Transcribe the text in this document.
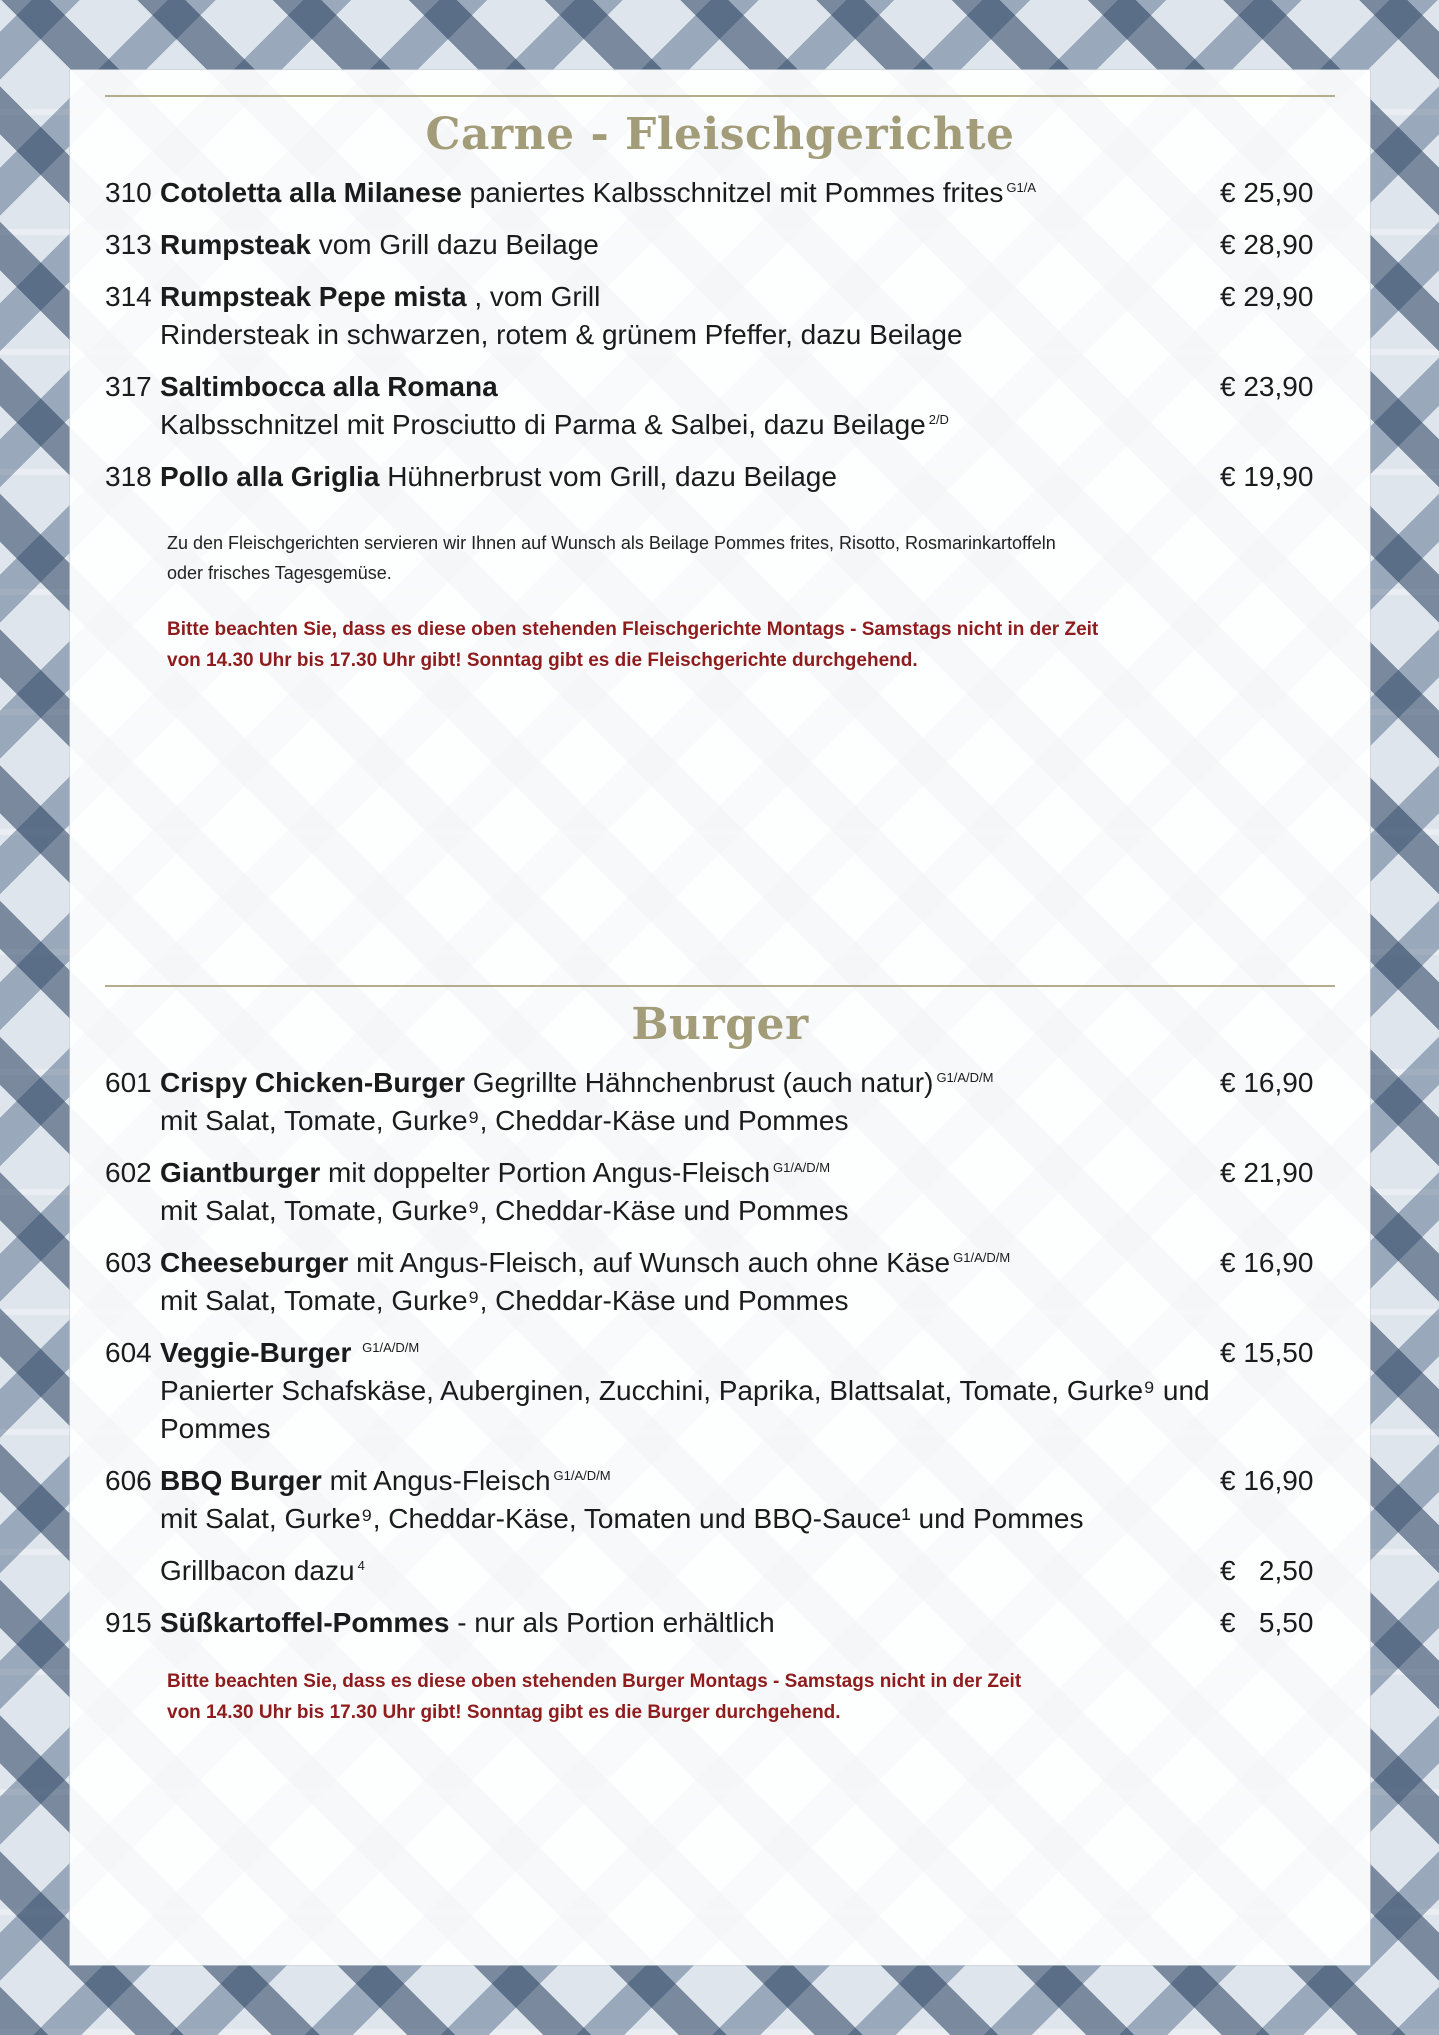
Carne - Fleischgerichte
310 Cotoletta alla Milanese paniertes Kalbsschnitzel mit Pommes frites $^{G1/A}$	€ 25,90
313 Rumpsteak vom Grill dazu Beilage	€ 28,90
314 Rumpsteak Pepe mista , vom Grill
Rindersteak in schwarzen, rotem & grünem Pfeffer, dazu Beilage
€ 29,90
317 Saltimbocca alla Romana
Kalbsschnitzel mit Prosciutto di Parma & Salbei, dazu Beilage $^{2/D}$
€ 23,90
318 Pollo alla Griglia Hühnerbrust vom Grill, dazu Beilage	€ 19,90
Zu den Fleischgerichten servieren wir Ihnen auf Wunsch als Beilage Pommes frites, Risotto, Rosmarinkartoffeln
oder frisches Tagesgemüse.
Bitte beachten Sie, dass es diese oben stehenden Fleischgerichte Montags - Samstags nicht in der Zeit
von 14.30 Uhr bis 17.30 Uhr gibt! Sonntag gibt es die Fleischgerichte durchgehend.
Burger
601 Crispy Chicken-Burger Gegrillte Hähnchenbrust (auch natur) $^{G1/A/D/M}$
mit Salat, Tomate, Gurke⁹, Cheddar-Käse und Pommes
€ 16,90
602 Giantburger mit doppelter Portion Angus-Fleisch $^{G1/A/D/M}$
mit Salat, Tomate, Gurke⁹, Cheddar-Käse und Pommes
€ 21,90
603 Cheeseburger mit Angus-Fleisch, auf Wunsch auch ohne Käse $^{G1/A/D/M}$
mit Salat, Tomate, Gurke⁹, Cheddar-Käse und Pommes
€ 16,90
604 Veggie-Burger $^{G1/A/D/M}$
Panierter Schafskäse, Auberginen, Zucchini, Paprika, Blattsalat, Tomate, Gurke⁹ und Pommes
€ 15,50
606 BBQ Burger mit Angus-Fleisch $^{G1/A/D/M}$
mit Salat, Gurke⁹, Cheddar-Käse, Tomaten und BBQ-Sauce¹ und Pommes
€ 16,90
Grillbacon dazu $^4$	€   2,50
915 Süßkartoffel-Pommes - nur als Portion erhältlich	€   5,50
Bitte beachten Sie, dass es diese oben stehenden Burger Montags - Samstags nicht in der Zeit
von 14.30 Uhr bis 17.30 Uhr gibt! Sonntag gibt es die Burger durchgehend.
